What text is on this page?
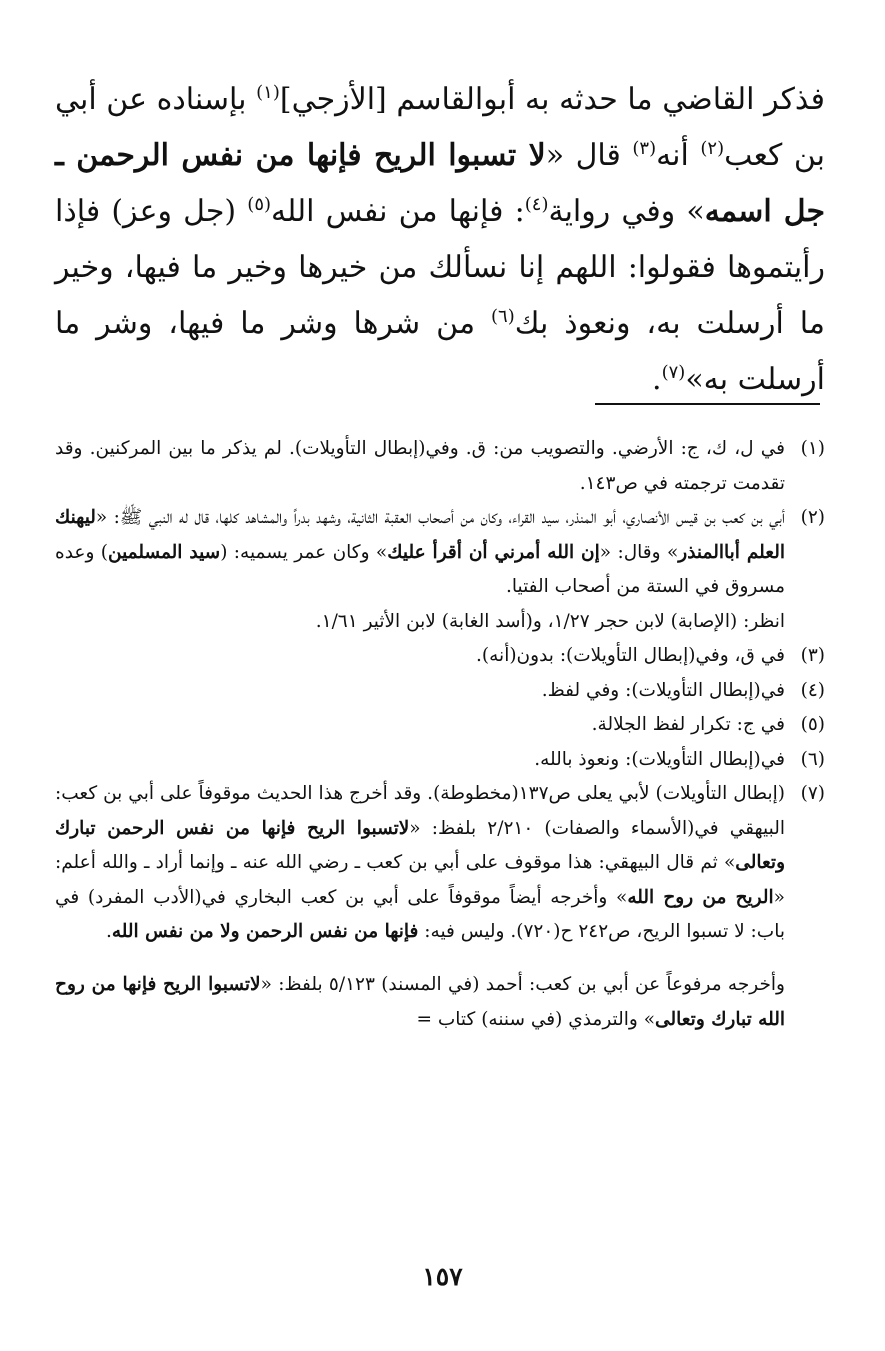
فذكر القاضي ما حدثه به أبوالقاسم [الأزجي]$^{(١)}$ بإسناده عن أبي بن كعب$^{(٢)}$ أنه$^{(٣)}$ قال «لا تسبوا الريح فإنها من نفس الرحمن ـ جل اسمه» وفي رواية$^{(٤)}$: فإنها من نفس الله$^{(٥)}$ (جل وعز) فإذا رأيتموها فقولوا: اللهم إنا نسألك من خيرها وخير ما فيها، وخير ما أرسلت به، ونعوذ بك$^{(٦)}$ من شرها وشر ما فيها، وشر ما أرسلت به»$^{(٧)}$.

(١)
في ل، ك، ج: الأرضي. والتصويب من: ق. وفي(إبطال التأويلات). لم يذكر ما بين المركنين. وقد تقدمت ترجمته في ص١٤٣.
(٢)

أبي بن كعب بن قيس الأنصاري، أبو المنذر، سيد القراء، وكان من أصحاب العقبة الثانية، وشهد بدراً والمشاهد كلها، قال له النبي ﷺ: «ليهنك العلم أباالمنذر» وقال: «إن الله أمرني أن أقرأ عليك» وكان عمر يسميه: (سيد المسلمين) وعده مسروق في الستة من أصحاب الفتيا.

انظر: (الإصابة) لابن حجر ١/٢٧، و(أسد الغابة) لابن الأثير ١/٦١.

(٣)
في ق، وفي(إبطال التأويلات): بدون(أنه).
(٤)
في(إبطال التأويلات): وفي لفظ.
(٥)
في ج: تكرار لفظ الجلالة.
(٦)
في(إبطال التأويلات): ونعوذ بالله.
(٧)

(إبطال التأويلات) لأبي يعلى ص١٣٧(مخطوطة). وقد أخرج هذا الحديث موقوفاً على أبي بن كعب: البيهقي في(الأسماء والصفات) ٢/٢١٠ بلفظ: «لاتسبوا الريح فإنها من نفس الرحمن تبارك وتعالى» ثم قال البيهقي: هذا موقوف على أبي بن كعب ـ رضي الله عنه ـ وإنما أراد ـ والله أعلم: «الريح من روح الله» وأخرجه أيضاً موقوفاً على أبي بن كعب البخاري في(الأدب المفرد) في باب: لا تسبوا الريح، ص٢٤٢ ح(٧٢٠). وليس فيه: فإنها من نفس الرحمن ولا من نفس الله.

وأخرجه مرفوعاً عن أبي بن كعب: أحمد (في المسند) ٥/١٢٣ بلفظ: «لاتسبوا الريح فإنها من روح الله تبارك وتعالى» والترمذي (في سننه) كتاب =

١٥٧
